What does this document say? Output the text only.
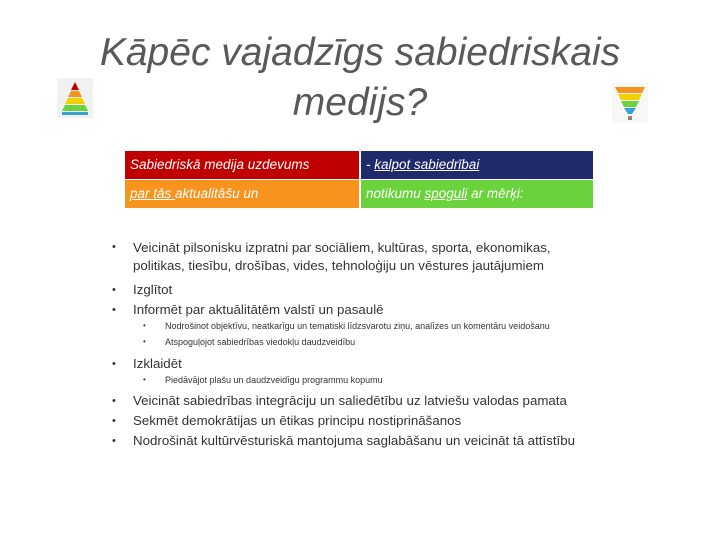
Kāpēc vajadzīgs sabiedriskais
medijs?
Sabiedriskā medija uzdevums	- kalpot sabiedrībai
par tās aktualitāšu un	notikumu spoguli ar mērķi:
• Veicināt pilsonisku izpratni par sociāliem, kultūras, sporta, ekonomikas,
politikas, tiesību, drošības, vides, tehnoloģiju un vēstures jautājumiem
• Izglītot
• Informēt par aktuālitātēm valstī un pasaulē
• Nodrošinot objektīvu, neatkarīgu un tematiski līdzsvarotu ziņu, analīzes un komentāru veidošanu
• Atspoguļojot sabiedrības viedokļu daudzveidību
• Izklaidēt
• Piedāvājot plašu un daudzveidīgu programmu kopumu
• Veicināt sabiedrības integrāciju un saliedētību uz latviešu valodas pamata
• Sekmēt demokrātijas un ētikas principu nostiprināšanos
• Nodrošināt kultūrvēsturiskā mantojuma saglabāšanu un veicināt tā attīstību
